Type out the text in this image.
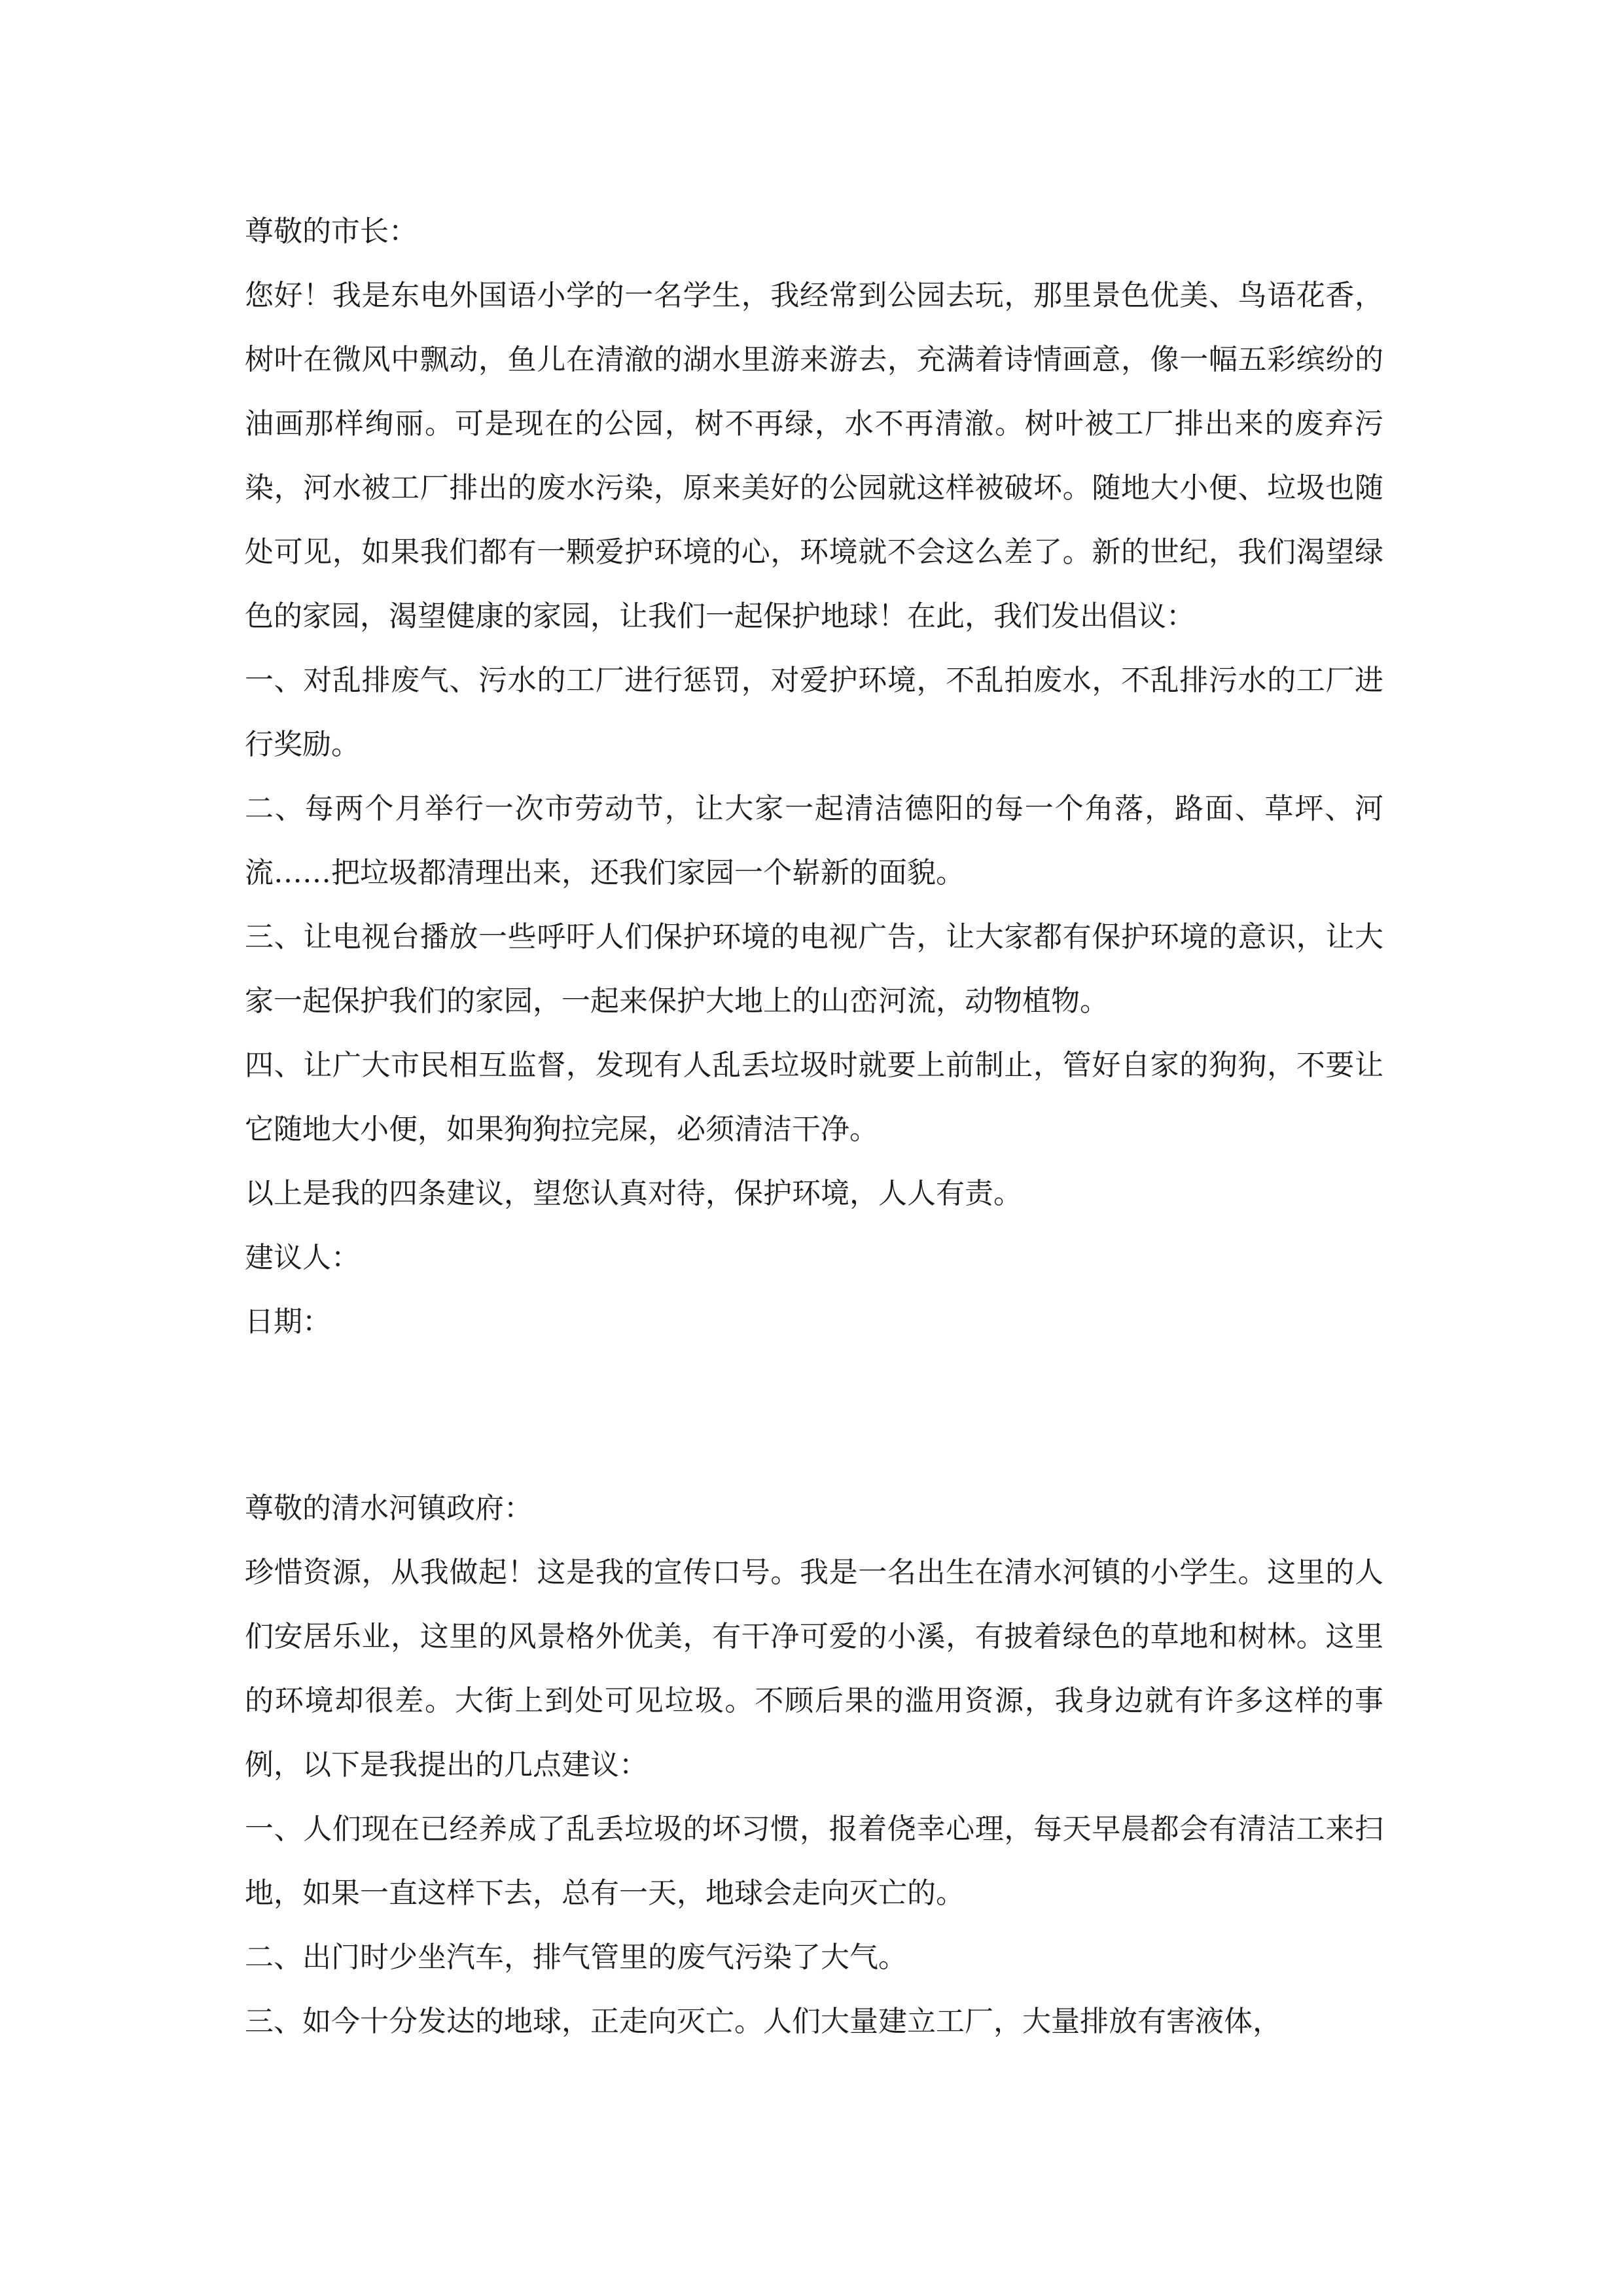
尊敬的市长：

您好！我是东电外国语小学的一名学生，我经常到公园去玩，那里景色优美、鸟语花香，树叶在微风中飘动，鱼儿在清澈的湖水里游来游去，充满着诗情画意，像一幅五彩缤纷的油画那样绚丽。可是现在的公园，树不再绿，水不再清澈。树叶被工厂排出来的废弃污染，河水被工厂排出的废水污染，原来美好的公园就这样被破坏。随地大小便、垃圾也随处可见，如果我们都有一颗爱护环境的心，环境就不会这么差了。新的世纪，我们渴望绿色的家园，渴望健康的家园，让我们一起保护地球！在此，我们发出倡议：

一、对乱排废气、污水的工厂进行惩罚，对爱护环境，不乱拍废水，不乱排污水的工厂进行奖励。

二、每两个月举行一次市劳动节，让大家一起清洁德阳的每一个角落，路面、草坪、河流……把垃圾都清理出来，还我们家园一个崭新的面貌。

三、让电视台播放一些呼吁人们保护环境的电视广告，让大家都有保护环境的意识，让大家一起保护我们的家园，一起来保护大地上的山峦河流，动物植物。

四、让广大市民相互监督，发现有人乱丢垃圾时就要上前制止，管好自家的狗狗，不要让它随地大小便，如果狗狗拉完屎，必须清洁干净。

以上是我的四条建议，望您认真对待，保护环境，人人有责。

建议人：

日期：

尊敬的清水河镇政府：

珍惜资源，从我做起！这是我的宣传口号。我是一名出生在清水河镇的小学生。这里的人们安居乐业，这里的风景格外优美，有干净可爱的小溪，有披着绿色的草地和树林。这里的环境却很差。大街上到处可见垃圾。不顾后果的滥用资源，我身边就有许多这样的事例，以下是我提出的几点建议：

一、人们现在已经养成了乱丢垃圾的坏习惯，报着侥幸心理，每天早晨都会有清洁工来扫地，如果一直这样下去，总有一天，地球会走向灭亡的。

二、出门时少坐汽车，排气管里的废气污染了大气。

三、如今十分发达的地球，正走向灭亡。人们大量建立工厂，大量排放有害液体，
